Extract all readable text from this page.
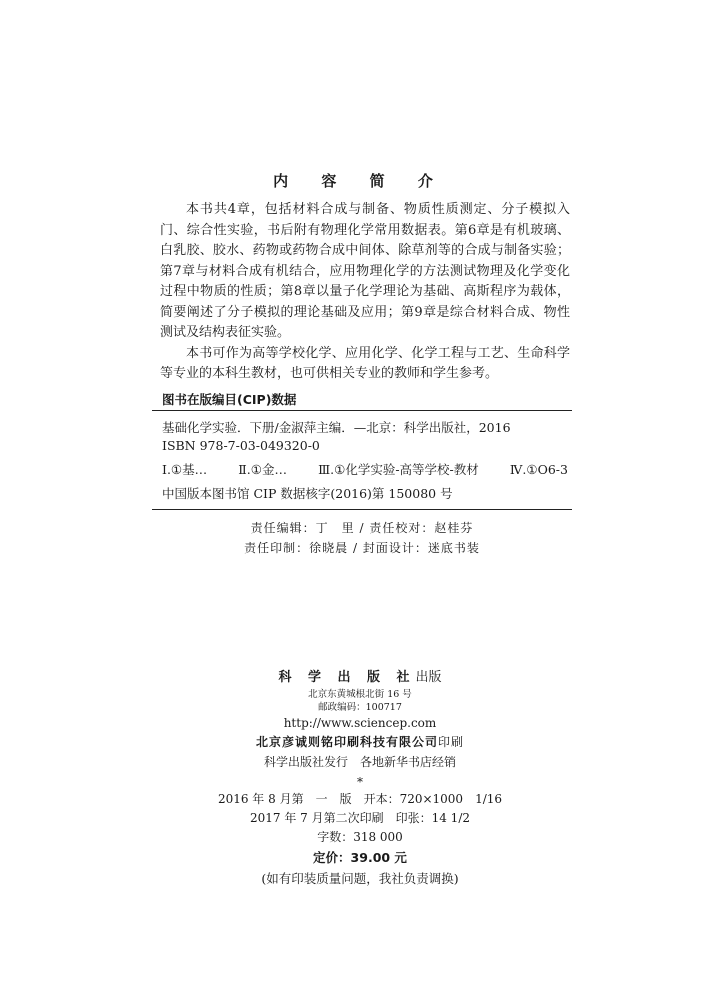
内 容 简 介

本书共4章，包括材料合成与制备、物质性质测定、分子模拟入门、综合性实验，书后附有物理化学常用数据表。第6章是有机玻璃、白乳胶、胶水、药物或药物合成中间体、除草剂等的合成与制备实验；第7章与材料合成有机结合，应用物理化学的方法测试物理及化学变化过程中物质的性质；第8章以量子化学理论为基础、高斯程序为载体，简要阐述了分子模拟的理论基础及应用；第9章是综合材料合成、物性测试及结构表征实验。

本书可作为高等学校化学、应用化学、化学工程与工艺、生命科学等专业的本科生教材，也可供相关专业的教师和学生参考。

图书在版编目(CIP)数据
基础化学实验．下册/金淑萍主编．—北京：科学出版社，2016
ISBN 978-7-03-049320-0
Ⅰ.①基… Ⅱ.①金… Ⅲ.①化学实验-高等学校-教材 Ⅳ.①O6-3
中国版本图书馆 CIP 数据核字(2016)第 150080 号
责任编辑：丁　里 / 责任校对：赵桂芬
责任印制：徐晓晨 / 封面设计：迷底书装
科 学 出 版 社出版
北京东黄城根北街 16 号
邮政编码：100717
http://www.sciencep.com
北京彦诚则铭印刷科技有限公司印刷
科学出版社发行　各地新华书店经销
*
2016 年 8 月第　一　版　开本：720×1000　1/16
2017 年 7 月第二次印刷　印张：14 1/2
字数：318 000
定价：39.00 元
(如有印装质量问题，我社负责调换)
